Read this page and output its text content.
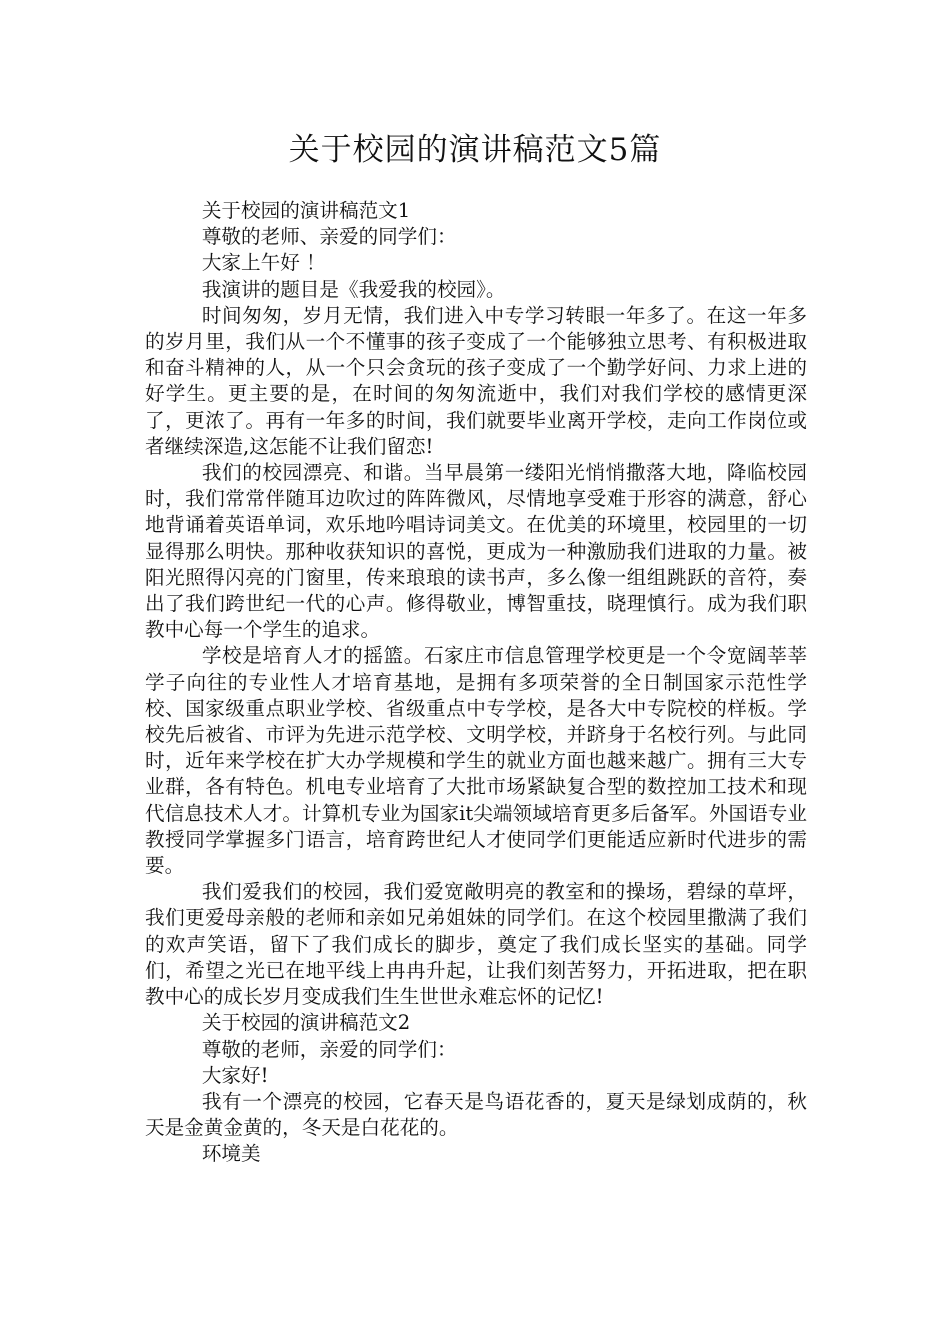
关于校园的演讲稿范文5篇

关于校园的演讲稿范文1

尊敬的老师、亲爱的同学们：

大家上午好 ！

我演讲的题目是《我爱我的校园》。

时间匆匆，岁月无情，我们进入中专学习转眼一年多了。在这一年多的岁月里，我们从一个不懂事的孩子变成了一个能够独立思考、有积极进取和奋斗精神的人，从一个只会贪玩的孩子变成了一个勤学好问、力求上进的好学生。更主要的是，在时间的匆匆流逝中，我们对我们学校的感情更深了，更浓了。再有一年多的时间，我们就要毕业离开学校，走向工作岗位或者继续深造,这怎能不让我们留恋!

我们的校园漂亮、和谐。当早晨第一缕阳光悄悄撒落大地，降临校园时，我们常常伴随耳边吹过的阵阵微风，尽情地享受难于形容的满意，舒心地背诵着英语单词，欢乐地吟唱诗词美文。在优美的环境里，校园里的一切显得那么明快。那种收获知识的喜悦，更成为一种激励我们进取的力量。被阳光照得闪亮的门窗里，传来琅琅的读书声，多么像一组组跳跃的音符，奏出了我们跨世纪一代的心声。修得敬业，博智重技，晓理慎行。成为我们职教中心每一个学生的追求。

学校是培育人才的摇篮。石家庄市信息管理学校更是一个令宽阔莘莘学子向往的专业性人才培育基地，是拥有多项荣誉的全日制国家示范性学校、国家级重点职业学校、省级重点中专学校，是各大中专院校的样板。学校先后被省、市评为先进示范学校、文明学校，并跻身于名校行列。与此同时，近年来学校在扩大办学规模和学生的就业方面也越来越广。拥有三大专业群，各有特色。机电专业培育了大批市场紧缺复合型的数控加工技术和现代信息技术人才。计算机专业为国家it尖端领域培育更多后备军。外国语专业教授同学掌握多门语言，培育跨世纪人才使同学们更能适应新时代进步的需要。

我们爱我们的校园，我们爱宽敞明亮的教室和的操场，碧绿的草坪，我们更爱母亲般的老师和亲如兄弟姐妹的同学们。在这个校园里撒满了我们的欢声笑语，留下了我们成长的脚步，奠定了我们成长坚实的基础。同学们，希望之光已在地平线上冉冉升起，让我们刻苦努力，开拓进取，把在职教中心的成长岁月变成我们生生世世永难忘怀的记忆!

关于校园的演讲稿范文2

尊敬的老师，亲爱的同学们：

大家好!

我有一个漂亮的校园，它春天是鸟语花香的，夏天是绿划成荫的，秋天是金黄金黄的，冬天是白花花的。

环境美
